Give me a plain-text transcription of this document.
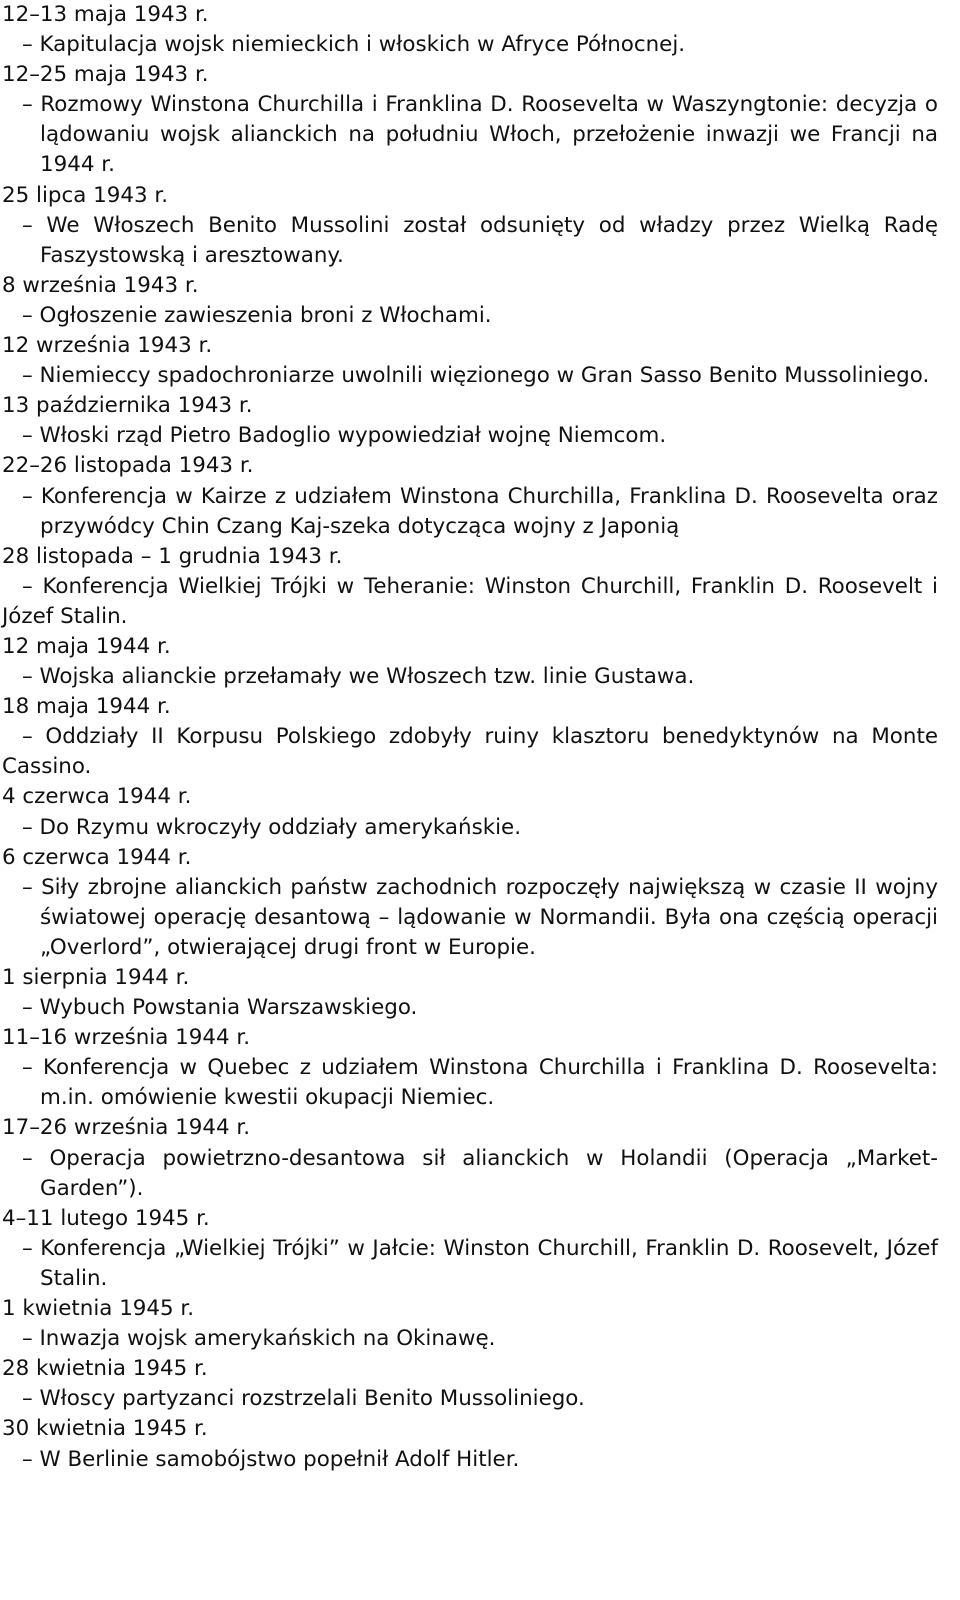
12–13 maja 1943 r.
– Kapitulacja wojsk niemieckich i włoskich w Afryce Północnej.
12–25 maja 1943 r.
– Rozmowy Winstona Churchilla i Franklina D. Roosevelta w Waszyngtonie: decyzja o lądowaniu wojsk alianckich na południu Włoch, przełożenie inwazji we Francji na 1944 r.
25 lipca 1943 r.
– We Włoszech Benito Mussolini został odsunięty od władzy przez Wielką Radę Faszystowską i aresztowany.
8 września 1943 r.
– Ogłoszenie zawieszenia broni z Włochami.
12 września 1943 r.
– Niemieccy spadochroniarze uwolnili więzionego w Gran Sasso Benito Mussoliniego.
13 października 1943 r.
– Włoski rząd Pietro Badoglio wypowiedział wojnę Niemcom.
22–26 listopada 1943 r.
– Konferencja w Kairze z udziałem Winstona Churchilla, Franklina D. Roosevelta oraz przywódcy Chin Czang Kaj-szeka dotycząca wojny z Japonią
28 listopada – 1 grudnia 1943 r.
– Konferencja Wielkiej Trójki w Teheranie: Winston Churchill, Franklin D. Roosevelt i Józef Stalin.
12 maja 1944 r.
– Wojska alianckie przełamały we Włoszech tzw. linie Gustawa.
18 maja 1944 r.
– Oddziały II Korpusu Polskiego zdobyły ruiny klasztoru benedyktynów na Monte Cassino.
4 czerwca 1944 r.
– Do Rzymu wkroczyły oddziały amerykańskie.
6 czerwca 1944 r.
– Siły zbrojne alianckich państw zachodnich rozpoczęły największą w czasie II wojny światowej operację desantową – lądowanie w Normandii. Była ona częścią operacji „Overlord”, otwierającej drugi front w Europie.
1 sierpnia 1944 r.
– Wybuch Powstania Warszawskiego.
11–16 września 1944 r.
– Konferencja w Quebec z udziałem Winstona Churchilla i Franklina D. Roosevelta: m.in. omówienie kwestii okupacji Niemiec.
17–26 września 1944 r.
– Operacja powietrzno-desantowa sił alianckich w Holandii (Operacja „Market- Garden”).
4–11 lutego 1945 r.
– Konferencja „Wielkiej Trójki” w Jałcie: Winston Churchill, Franklin D. Roosevelt, Józef Stalin.
1 kwietnia 1945 r.
– Inwazja wojsk amerykańskich na Okinawę.
28 kwietnia 1945 r.
– Włoscy partyzanci rozstrzelali Benito Mussoliniego.
30 kwietnia 1945 r.
– W Berlinie samobójstwo popełnił Adolf Hitler.
